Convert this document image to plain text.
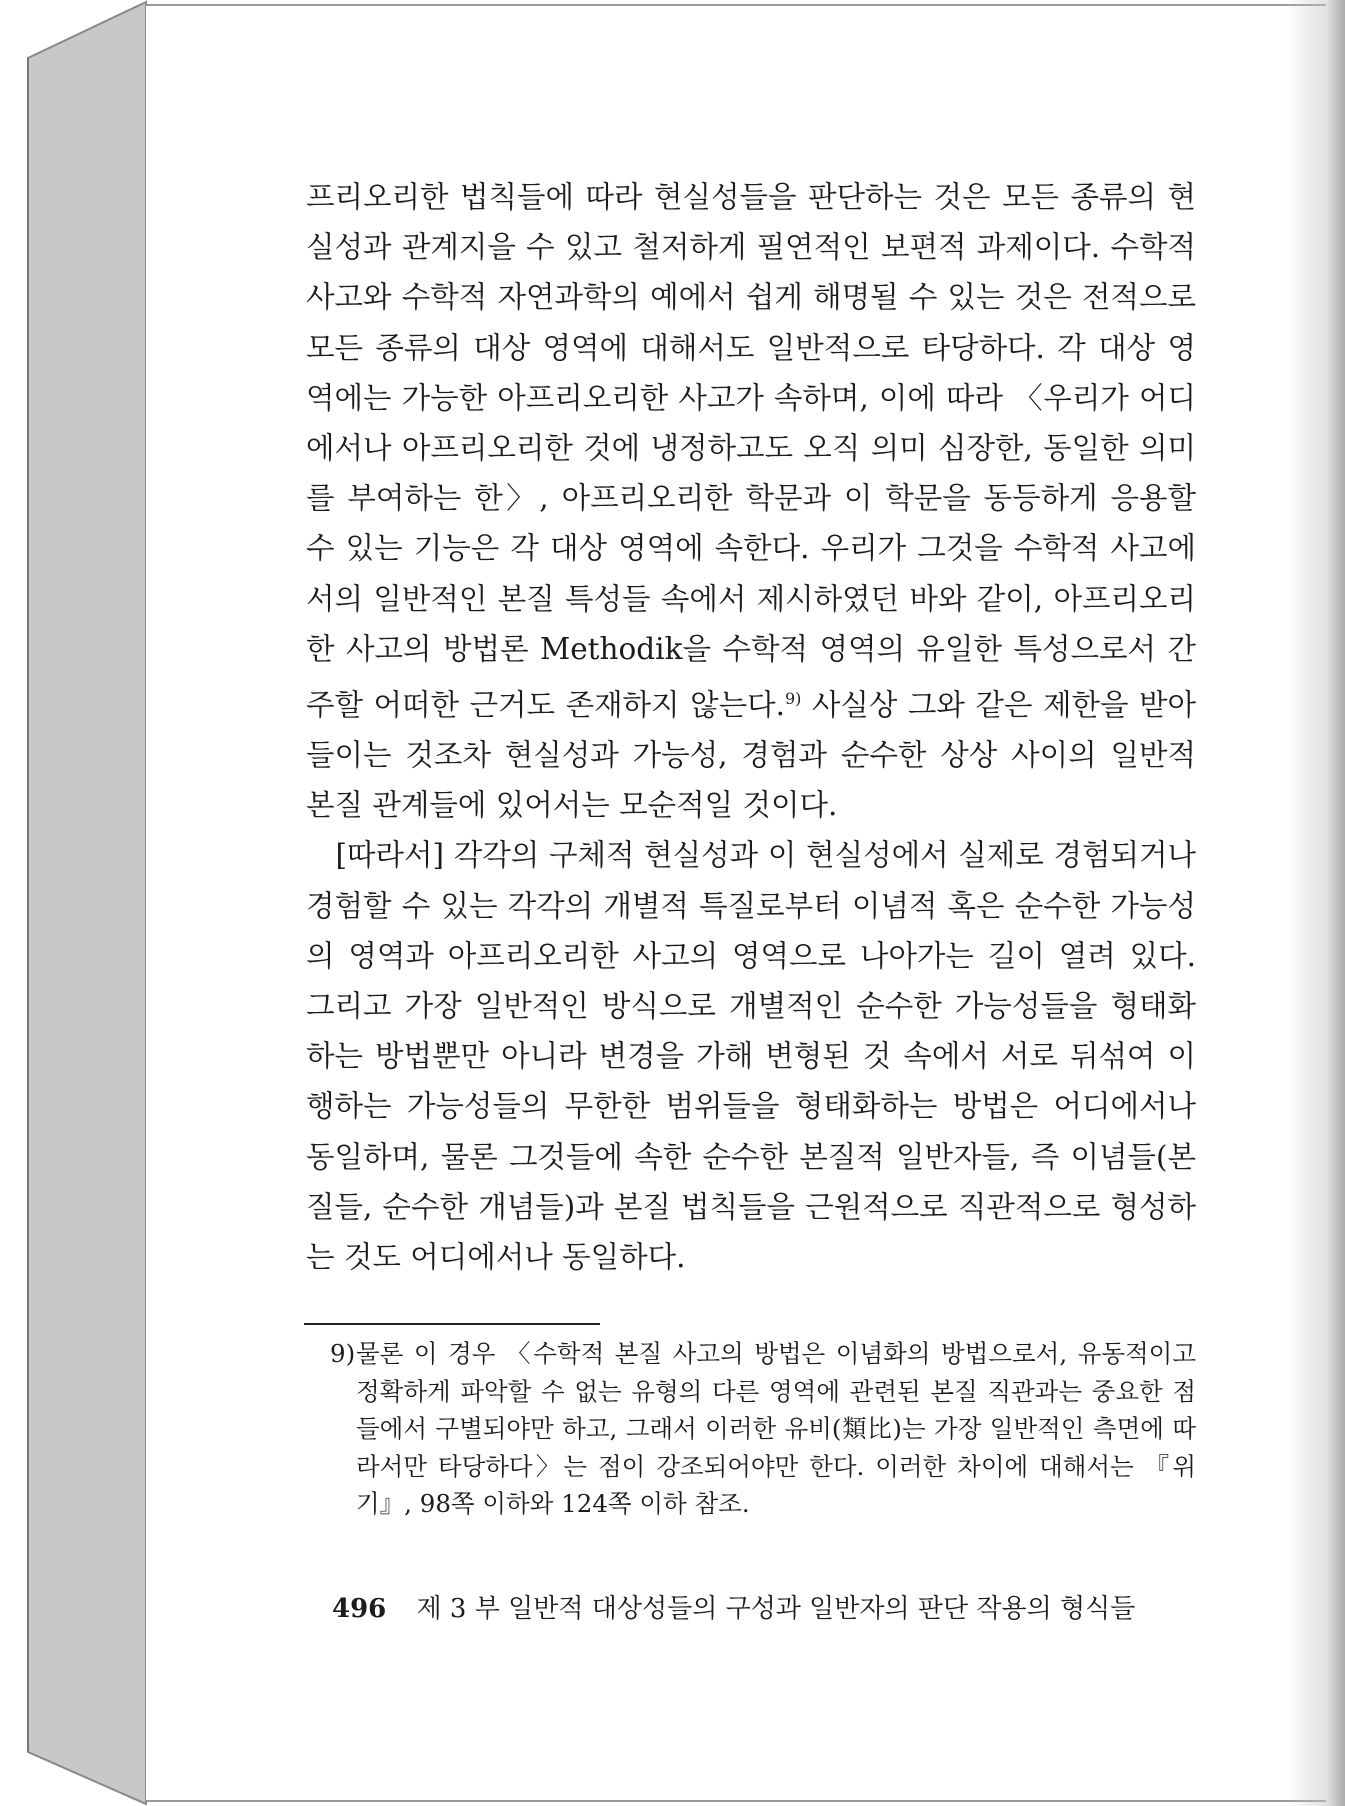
프리오리한 법칙들에 따라 현실성들을 판단하는 것은 모든 종류의 현실성과 관계지을 수 있고 철저하게 필연적인 보편적 과제이다. 수학적 사고와 수학적 자연과학의 예에서 쉽게 해명될 수 있는 것은 전적으로 모든 종류의 대상 영역에 대해서도 일반적으로 타당하다. 각 대상 영역에는 가능한 아프리오리한 사고가 속하며, 이에 따라 〈우리가 어디에서나 아프리오리한 것에 냉정하고도 오직 의미 심장한, 동일한 의미를 부여하는 한〉, 아프리오리한 학문과 이 학문을 동등하게 응용할 수 있는 기능은 각 대상 영역에 속한다. 우리가 그것을 수학적 사고에서의 일반적인 본질 특성들 속에서 제시하였던 바와 같이, 아프리오리한 사고의 방법론 Methodik을 수학적 영역의 유일한 특성으로서 간주할 어떠한 근거도 존재하지 않는다.$^{9)}$ 사실상 그와 같은 제한을 받아들이는 것조차 현실성과 가능성, 경험과 순수한 상상 사이의 일반적 본질 관계들에 있어서는 모순적일 것이다.

[따라서] 각각의 구체적 현실성과 이 현실성에서 실제로 경험되거나 경험할 수 있는 각각의 개별적 특질로부터 이념적 혹은 순수한 가능성의 영역과 아프리오리한 사고의 영역으로 나아가는 길이 열려 있다. 그리고 가장 일반적인 방식으로 개별적인 순수한 가능성들을 형태화하는 방법뿐만 아니라 변경을 가해 변형된 것 속에서 서로 뒤섞여 이행하는 가능성들의 무한한 범위들을 형태화하는 방법은 어디에서나 동일하며, 물론 그것들에 속한 순수한 본질적 일반자들, 즉 이념들(본질들, 순수한 개념들)과 본질 법칙들을 근원적으로 직관적으로 형성하는 것도 어디에서나 동일하다.

9) 물론 이 경우 〈수학적 본질 사고의 방법은 이념화의 방법으로서, 유동적이고 정확하게 파악할 수 없는 유형의 다른 영역에 관련된 본질 직관과는 중요한 점들에서 구별되야만 하고, 그래서 이러한 유비(類比)는 가장 일반적인 측면에 따라서만 타당하다〉는 점이 강조되어야만 한다. 이러한 차이에 대해서는 『위기』, 98쪽 이하와 124쪽 이하 참조.
496 제 3 부 일반적 대상성들의 구성과 일반자의 판단 작용의 형식들
